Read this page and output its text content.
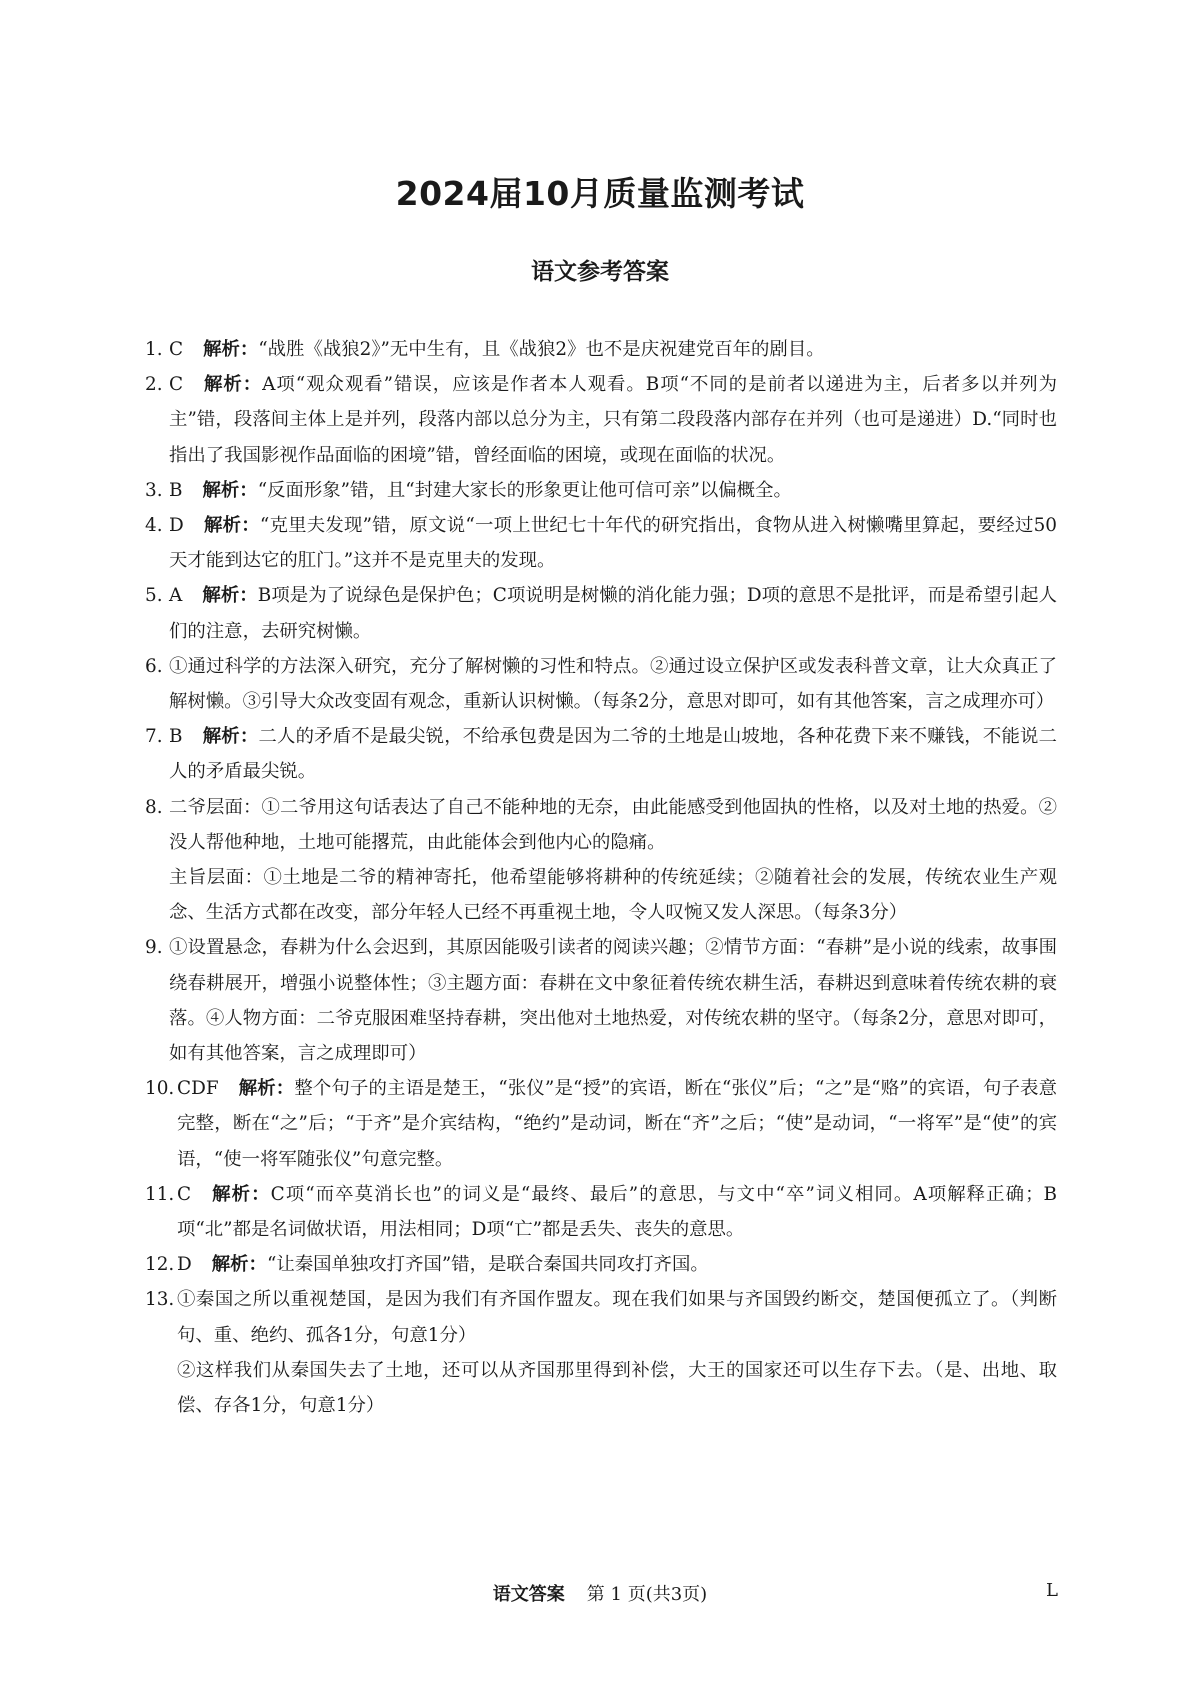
2024届10月质量监测考试
语文参考答案
1. C 解析：“战胜《战狼2》”无中生有，且《战狼2》也不是庆祝建党百年的剧目。
2. C 解析：A项“观众观看”错误，应该是作者本人观看。B项“不同的是前者以递进为主，后者多以并列为主”错，段落间主体上是并列，段落内部以总分为主，只有第二段段落内部存在并列（也可是递进）D.“同时也指出了我国影视作品面临的困境”错，曾经面临的困境，或现在面临的状况。
3. B 解析：“反面形象”错，且“封建大家长的形象更让他可信可亲”以偏概全。
4. D 解析：“克里夫发现”错，原文说“一项上世纪七十年代的研究指出，食物从进入树懒嘴里算起，要经过50天才能到达它的肛门。”这并不是克里夫的发现。
5. A 解析：B项是为了说绿色是保护色；C项说明是树懒的消化能力强；D项的意思不是批评，而是希望引起人们的注意，去研究树懒。
6. ①通过科学的方法深入研究，充分了解树懒的习性和特点。②通过设立保护区或发表科普文章，让大众真正了解树懒。③引导大众改变固有观念，重新认识树懒。（每条2分，意思对即可，如有其他答案，言之成理亦可）
7. B 解析：二人的矛盾不是最尖锐，不给承包费是因为二爷的土地是山坡地，各种花费下来不赚钱，不能说二人的矛盾最尖锐。
8. 二爷层面：①二爷用这句话表达了自己不能种地的无奈，由此能感受到他固执的性格，以及对土地的热爱。②没人帮他种地，土地可能撂荒，由此能体会到他内心的隐痛。
主旨层面：①土地是二爷的精神寄托，他希望能够将耕种的传统延续；②随着社会的发展，传统农业生产观念、生活方式都在改变，部分年轻人已经不再重视土地，令人叹惋又发人深思。（每条3分）
9. ①设置悬念，春耕为什么会迟到，其原因能吸引读者的阅读兴趣；②情节方面：“春耕”是小说的线索，故事围绕春耕展开，增强小说整体性；③主题方面：春耕在文中象征着传统农耕生活，春耕迟到意味着传统农耕的衰落。④人物方面：二爷克服困难坚持春耕，突出他对土地热爱，对传统农耕的坚守。（每条2分，意思对即可，如有其他答案，言之成理即可）
10. CDF 解析：整个句子的主语是楚王，“张仪”是“授”的宾语，断在“张仪”后；“之”是“赂”的宾语，句子表意完整，断在“之”后；“于齐”是介宾结构，“绝约”是动词，断在“齐”之后；“使”是动词，“一将军”是“使”的宾语，“使一将军随张仪”句意完整。
11. C 解析：C项“而卒莫消长也”的词义是“最终、最后”的意思，与文中“卒”词义相同。A项解释正确；B项“北”都是名词做状语，用法相同；D项“亡”都是丢失、丧失的意思。
12. D 解析：“让秦国单独攻打齐国”错，是联合秦国共同攻打齐国。
13. ①秦国之所以重视楚国，是因为我们有齐国作盟友。现在我们如果与齐国毁约断交，楚国便孤立了。（判断句、重、绝约、孤各1分，句意1分）
②这样我们从秦国失去了土地，还可以从齐国那里得到补偿，大王的国家还可以生存下去。（是、出地、取偿、存各1分，句意1分）
语文答案 第 1 页(共3页)	L
